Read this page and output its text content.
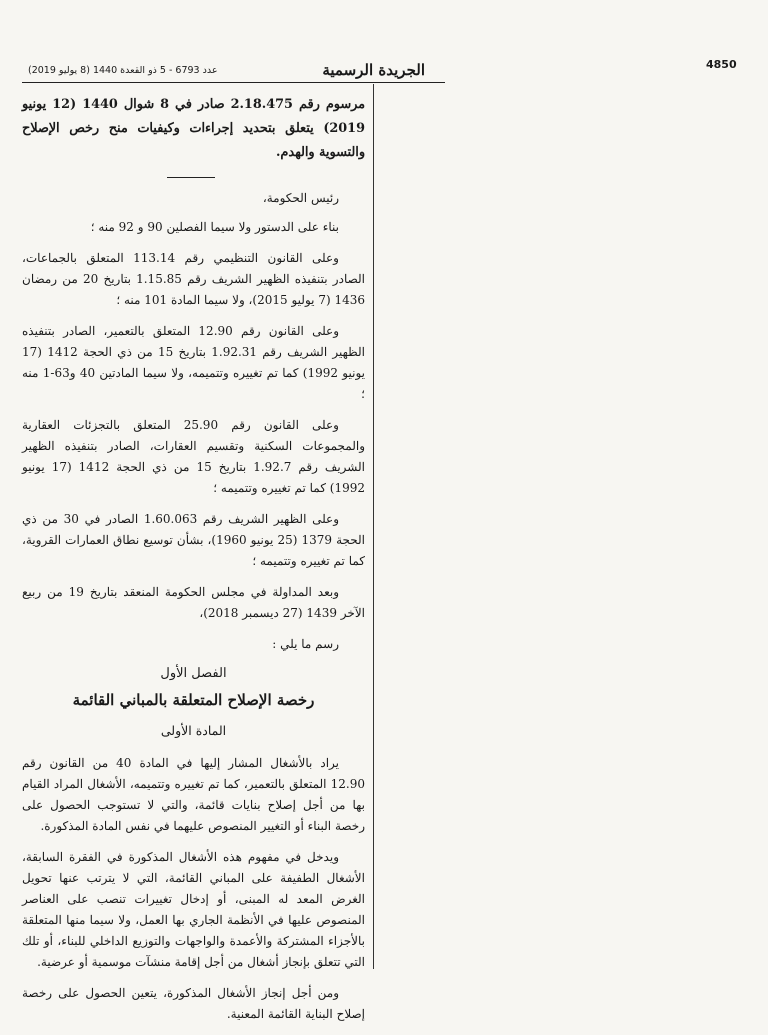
4850
الجريدة الرسمية
عدد 6793 - 5 ذو القعدة 1440 (8 يوليو 2019)

مرسوم رقم 2.18.475 صادر في 8 شوال 1440 (12 يونيو 2019) يتعلق بتحديد إجراءات وكيفيات منح رخص الإصلاح والتسوية والهدم.

رئيس الحكومة،

بناء على الدستور ولا سيما الفصلين 90 و 92 منه ؛

وعلى القانون التنظيمي رقم 113.14 المتعلق بالجماعات، الصادر بتنفيذه الظهير الشريف رقم 1.15.85 بتاريخ 20 من رمضان 1436 (7 يوليو 2015)، ولا سيما المادة 101 منه ؛

وعلى القانون رقم 12.90 المتعلق بالتعمير، الصادر بتنفيذه الظهير الشريف رقم 1.92.31 بتاريخ 15 من ذي الحجة 1412 (17 يونيو 1992) كما تم تغييره وتتميمه، ولا سيما المادتين 40 و63-1 منه ؛

وعلى القانون رقم 25.90 المتعلق بالتجزئات العقارية والمجموعات السكنية وتقسيم العقارات، الصادر بتنفيذه الظهير الشريف رقم 1.92.7 بتاريخ 15 من ذي الحجة 1412 (17 يونيو 1992) كما تم تغييره وتتميمه ؛

وعلى الظهير الشريف رقم 1.60.063 الصادر في 30 من ذي الحجة 1379 (25 يونيو 1960)، بشأن توسيع نطاق العمارات القروية، كما تم تغييره وتتميمه ؛

وبعد المداولة في مجلس الحكومة المنعقد بتاريخ 19 من ربيع الآخر 1439 (27 ديسمبر 2018)،

رسم ما يلي :

الفصل الأول

رخصة الإصلاح المتعلقة بالمباني القائمة

المادة الأولى

يراد بالأشغال المشار إليها في المادة 40 من القانون رقم 12.90 المتعلق بالتعمير، كما تم تغييره وتتميمه، الأشغال المراد القيام بها من أجل إصلاح بنايات قائمة، والتي لا تستوجب الحصول على رخصة البناء أو التغيير المنصوص عليهما في نفس المادة المذكورة.

ويدخل في مفهوم هذه الأشغال المذكورة في الفقرة السابقة، الأشغال الطفيفة على المباني القائمة، التي لا يترتب عنها تحويل الغرض المعد له المبنى، أو إدخال تغييرات تنصب على العناصر المنصوص عليها في الأنظمة الجاري بها العمل، ولا سيما منها المتعلقة بالأجزاء المشتركة والأعمدة والواجهات والتوزيع الداخلي للبناء، أو تلك التي تتعلق بإنجاز أشغال من أجل إقامة منشآت موسمية أو عرضية.

ومن أجل إنجاز الأشغال المذكورة، يتعين الحصول على رخصة إصلاح البناية القائمة المعنية.
